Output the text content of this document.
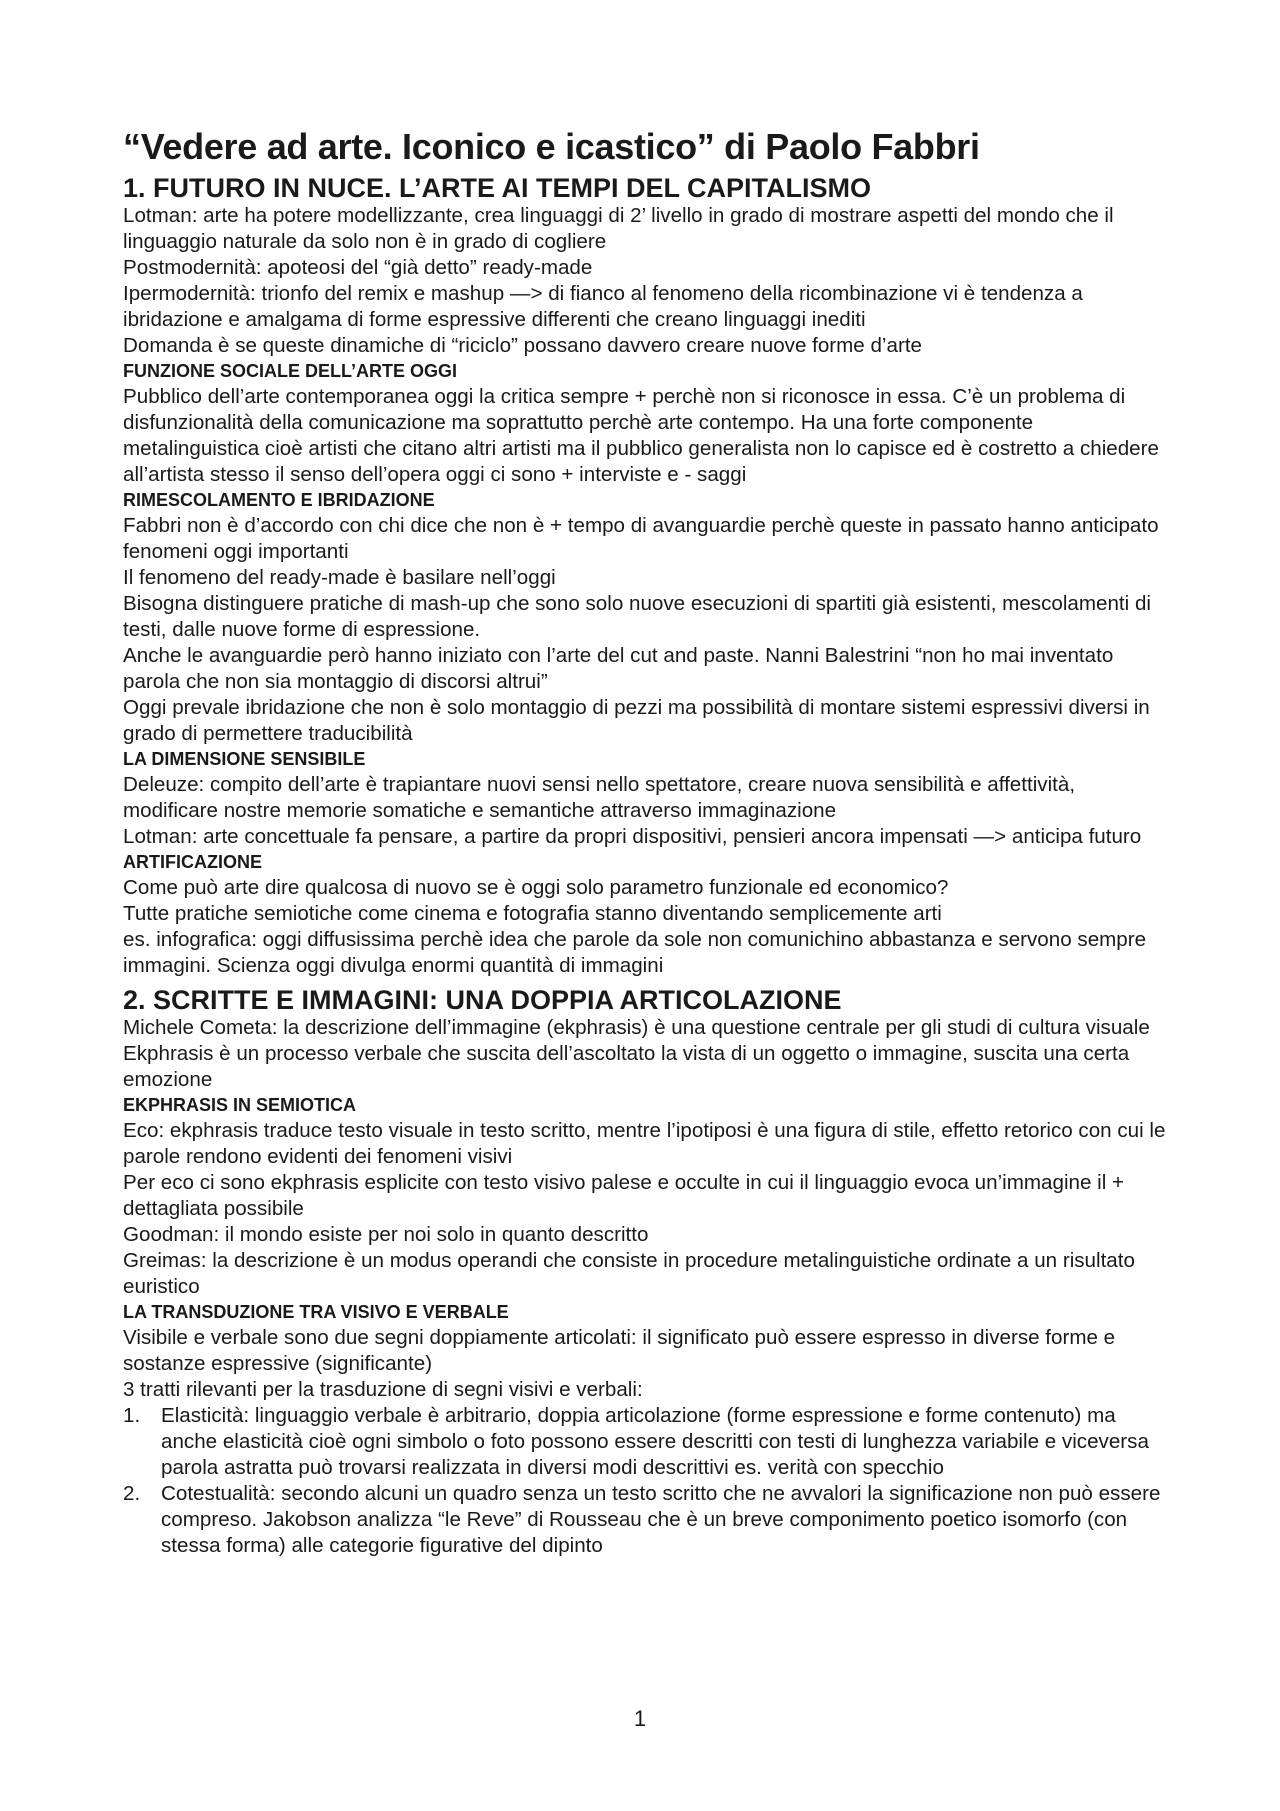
“Vedere ad arte. Iconico e icastico” di Paolo Fabbri
1. FUTURO IN NUCE. L’ARTE AI TEMPI DEL CAPITALISMO

Lotman: arte ha potere modellizzante, crea linguaggi di 2’ livello in grado di mostrare aspetti del mondo che il linguaggio naturale da solo non è in grado di cogliere

Postmodernità: apoteosi del “già detto” ready-made

Ipermodernità: trionfo del remix e mashup —> di fianco al fenomeno della ricombinazione vi è tendenza a ibridazione e amalgama di forme espressive differenti che creano linguaggi inediti

Domanda è se queste dinamiche di “riciclo” possano davvero creare nuove forme d’arte

FUNZIONE SOCIALE DELL’ARTE OGGI

Pubblico dell’arte contemporanea oggi la critica sempre + perchè non si riconosce in essa. C’è un problema di disfunzionalità della comunicazione ma soprattutto perchè arte contempo. Ha una forte componente metalinguistica cioè artisti che citano altri artisti ma il pubblico generalista non lo capisce ed è costretto a chiedere all’artista stesso il senso dell’opera oggi ci sono + interviste e - saggi

RIMESCOLAMENTO E IBRIDAZIONE

Fabbri non è d’accordo con chi dice che non è + tempo di avanguardie perchè queste in passato hanno anticipato fenomeni oggi importanti

Il fenomeno del ready-made è basilare nell’oggi

Bisogna distinguere pratiche di mash-up che sono solo nuove esecuzioni di spartiti già esistenti, mescolamenti di testi, dalle nuove forme di espressione.

Anche le avanguardie però hanno iniziato con l’arte del cut and paste. Nanni Balestrini “non ho mai inventato parola che non sia montaggio di discorsi altrui”

Oggi prevale ibridazione che non è solo montaggio di pezzi ma possibilità di montare sistemi espressivi diversi in grado di permettere traducibilità

LA DIMENSIONE SENSIBILE

Deleuze: compito dell’arte è trapiantare nuovi sensi nello spettatore, creare nuova sensibilità e affettività, modificare nostre memorie somatiche e semantiche attraverso immaginazione

Lotman: arte concettuale fa pensare, a partire da propri dispositivi, pensieri ancora impensati —> anticipa futuro

ARTIFICAZIONE

Come può arte dire qualcosa di nuovo se è oggi solo parametro funzionale ed economico?

Tutte pratiche semiotiche come cinema e fotografia stanno diventando semplicemente arti

es. infografica: oggi diffusissima perchè idea che parole da sole non comunichino abbastanza e servono sempre immagini. Scienza oggi divulga enormi quantità di immagini

2. SCRITTE E IMMAGINI: UNA DOPPIA ARTICOLAZIONE

Michele Cometa: la descrizione dell’immagine (ekphrasis) è una questione centrale per gli studi di cultura visuale

Ekphrasis è un processo verbale che suscita dell’ascoltato la vista di un oggetto o immagine, suscita una certa emozione

EKPHRASIS IN SEMIOTICA

Eco: ekphrasis traduce testo visuale in testo scritto, mentre l’ipotiposi è una figura di stile, effetto retorico con cui le parole rendono evidenti dei fenomeni visivi

Per eco ci sono ekphrasis esplicite con testo visivo palese e occulte in cui il linguaggio evoca un’immagine il + dettagliata possibile

Goodman: il mondo esiste per noi solo in quanto descritto

Greimas: la descrizione è un modus operandi che consiste in procedure metalinguistiche ordinate a un risultato euristico

LA TRANSDUZIONE TRA VISIVO E VERBALE

Visibile e verbale sono due segni doppiamente articolati: il significato può essere espresso in diverse forme e sostanze espressive (significante)

3 tratti rilevanti per la trasduzione di segni visivi e verbali:

1.	Elasticità: linguaggio verbale è arbitrario, doppia articolazione (forme espressione e forme contenuto) ma anche elasticità cioè ogni simbolo o foto possono essere descritti con testi di lunghezza variabile e viceversa parola astratta può trovarsi realizzata in diversi modi descrittivi es. verità con specchio
2.	Cotestualità: secondo alcuni un quadro senza un testo scritto che ne avvalori la significazione non può essere compreso. Jakobson analizza “le Reve” di Rousseau che è un breve componimento poetico isomorfo (con stessa forma) alle categorie figurative del dipinto
1
